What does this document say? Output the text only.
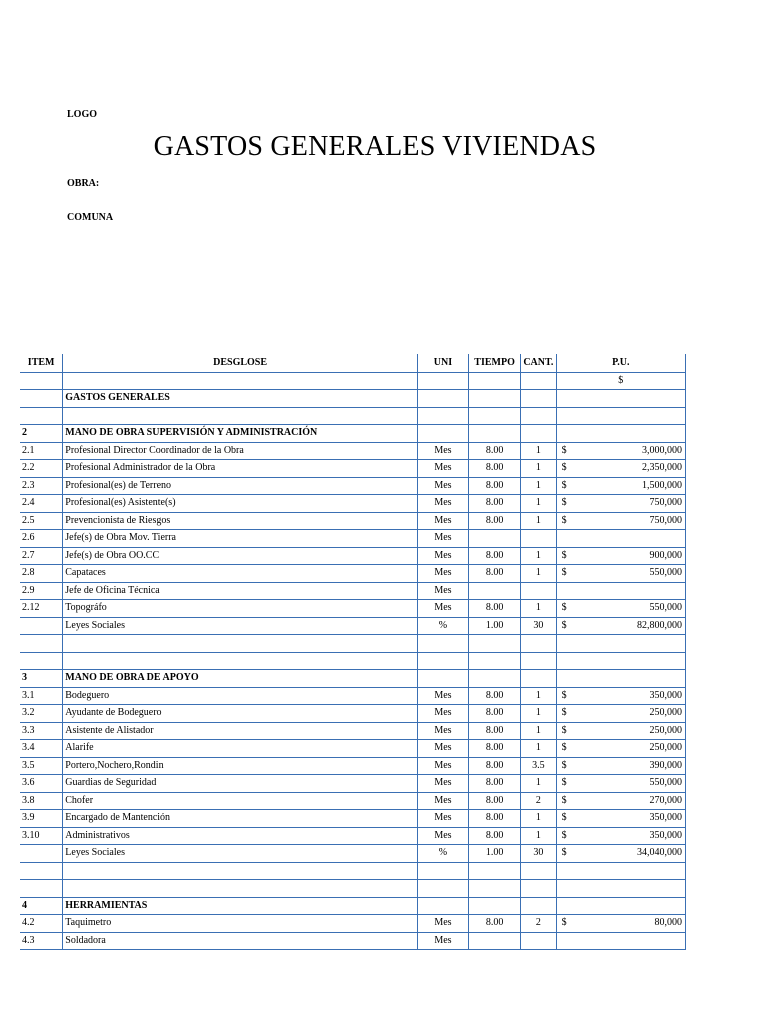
LOGO
GASTOS GENERALES VIVIENDAS
OBRA:
COMUNA
ITEM	DESGLOSE	UNI	TIEMPO	CANT.	P.U.
					$
	GASTOS GENERALES				

2	MANO DE OBRA SUPERVISIÓN Y ADMINISTRACIÓN				
2.1	Profesional Director Coordinador de la Obra	Mes	8.00	1	$ 3,000,000

2.2	Profesional Administrador de la Obra	Mes	8.00	1	$ 2,350,000

2.3	Profesional(es) de Terreno	Mes	8.00	1	$ 1,500,000

2.4	Profesional(es) Asistente(s)	Mes	8.00	1	$ 750,000

2.5	Prevencionista de Riesgos	Mes	8.00	1	$ 750,000

2.6	Jefe(s) de Obra Mov. Tierra	Mes			

2.7	Jefe(s) de Obra OO.CC	Mes	8.00	1	$ 900,000

2.8	Capataces	Mes	8.00	1	$ 550,000

2.9	Jefe de Oficina Técnica	Mes			

2.12	Topográfo	Mes	8.00	1	$ 550,000

	Leyes Sociales	%	1.00	30	$ 82,800,000

3	MANO DE OBRA DE APOYO				
3.1	Bodeguero	Mes	8.00	1	$ 350,000

3.2	Ayudante de Bodeguero	Mes	8.00	1	$ 250,000

3.3	Asistente de Alistador	Mes	8.00	1	$ 250,000

3.4	Alarife	Mes	8.00	1	$ 250,000

3.5	Portero,Nochero,Rondin	Mes	8.00	3.5	$ 390,000

3.6	Guardias de Seguridad	Mes	8.00	1	$ 550,000

3.8	Chofer	Mes	8.00	2	$ 270,000

3.9	Encargado de Mantención	Mes	8.00	1	$ 350,000

3.10	Administrativos	Mes	8.00	1	$ 350,000

	Leyes Sociales	%	1.00	30	$ 34,040,000

4	HERRAMIENTAS				
4.2	Taquimetro	Mes	8.00	2	$ 80,000

4.3	Soldadora	Mes			
